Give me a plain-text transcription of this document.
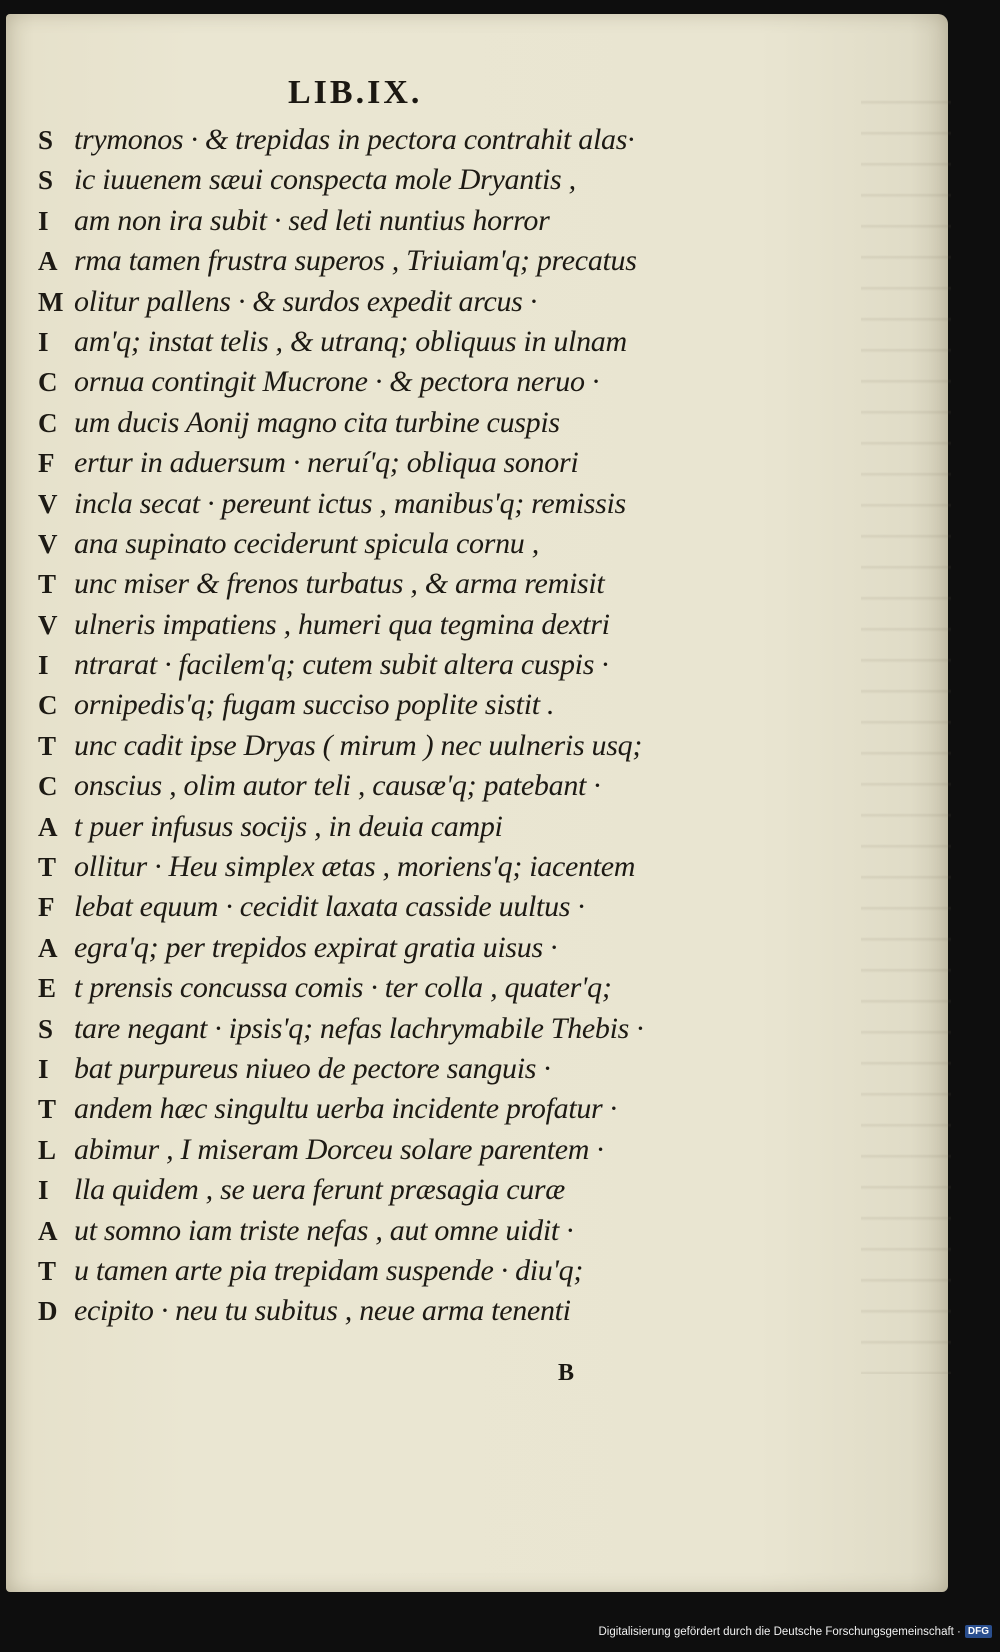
LIB.IX.
S trymonos · & trepidas in pectora contrahit alas·
S ic iuuenem sæui conspecta mole Dryantis ,
I am non ira subit · sed leti nuntius horror
A rma tamen frustra superos , Triuiam'q; precatus
M olitur pallens · & surdos expedit arcus ·
I am'q; instat telis , & utranq; obliquus in ulnam
C ornua contingit Mucrone · & pectora neruo ·
C um ducis Aonij magno cita turbine cuspis
F ertur in aduersum · neruí'q; obliqua sonori
V incla secat · pereunt ictus , manibus'q; remissis
V ana supinato ceciderunt spicula cornu ,
T unc miser & frenos turbatus , & arma remisit
V ulneris impatiens , humeri qua tegmina dextri
I ntrarat · facilem'q; cutem subit altera cuspis ·
C ornipedis'q; fugam succiso poplite sistit .
T unc cadit ipse Dryas ( mirum ) nec uulneris usq;
C onscius , olim autor teli , causæ'q; patebant ·
A t puer infusus socijs , in deuia campi
T ollitur · Heu simplex ætas , moriens'q; iacentem
F lebat equum · cecidit laxata casside uultus ·
A egra'q; per trepidos expirat gratia uisus ·
E t prensis concussa comis · ter colla , quater'q;
S tare negant · ipsis'q; nefas lachrymabile Thebis ·
I bat purpureus niueo de pectore sanguis ·
T andem hæc singultu uerba incidente profatur ·
L abimur , I miseram Dorceu solare parentem ·
I lla quidem , se uera ferunt præsagia curæ
A ut somno iam triste nefas , aut omne uidit ·
T u tamen arte pia trepidam suspende · diu'q;
D ecipito · neu tu subitus , neue arma tenenti
B
Digitalisierung gefördert durch die Deutsche Forschungsgemeinschaft · DFG
